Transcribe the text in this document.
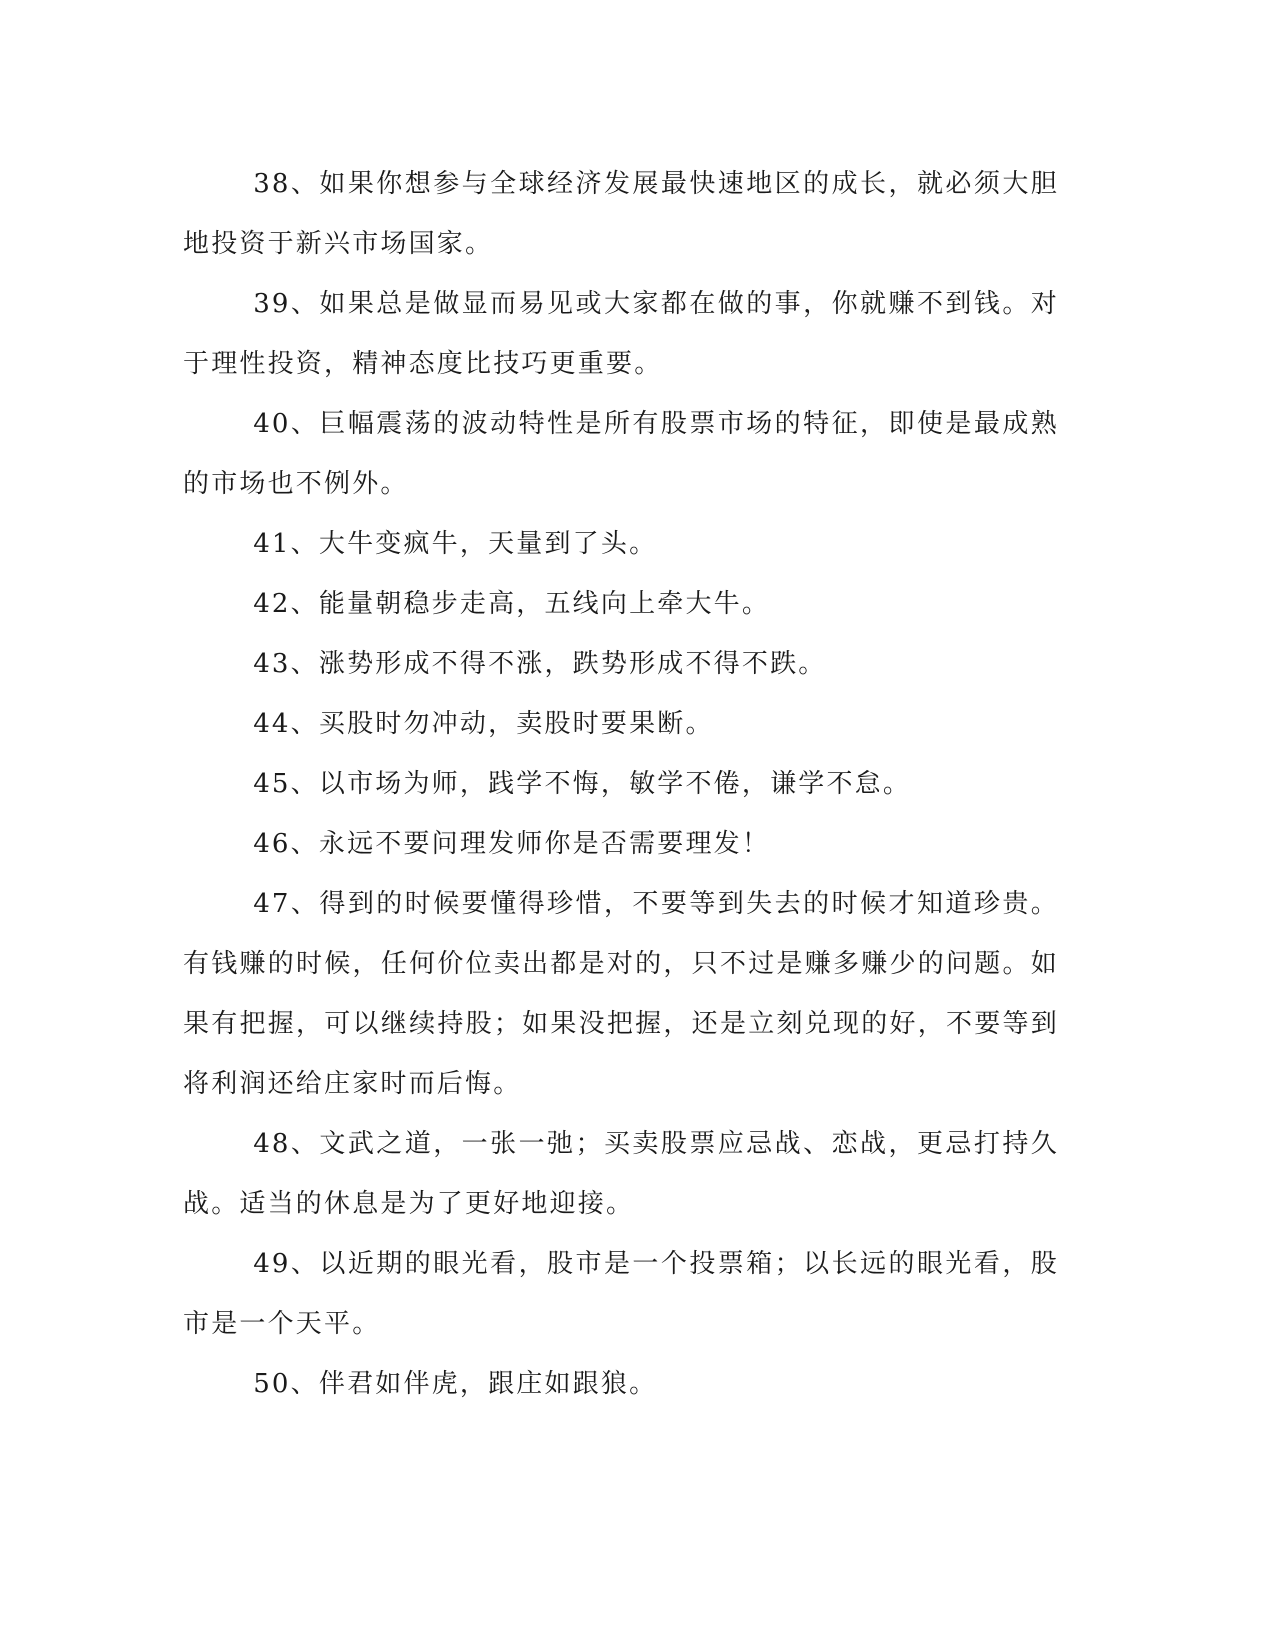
38、如果你想参与全球经济发展最快速地区的成长，就必须大胆地投资于新兴市场国家。

39、如果总是做显而易见或大家都在做的事，你就赚不到钱。对于理性投资，精神态度比技巧更重要。

40、巨幅震荡的波动特性是所有股票市场的特征，即使是最成熟的市场也不例外。

41、大牛变疯牛，天量到了头。

42、能量朝稳步走高，五线向上牵大牛。

43、涨势形成不得不涨，跌势形成不得不跌。

44、买股时勿冲动，卖股时要果断。

45、以市场为师，践学不悔，敏学不倦，谦学不怠。

46、永远不要问理发师你是否需要理发！

47、得到的时候要懂得珍惜，不要等到失去的时候才知道珍贵。有钱赚的时候，任何价位卖出都是对的，只不过是赚多赚少的问题。如果有把握，可以继续持股；如果没把握，还是立刻兑现的好，不要等到将利润还给庄家时而后悔。

48、文武之道，一张一弛；买卖股票应忌战、恋战，更忌打持久战。适当的休息是为了更好地迎接。

49、以近期的眼光看，股市是一个投票箱；以长远的眼光看，股市是一个天平。

50、伴君如伴虎，跟庄如跟狼。
